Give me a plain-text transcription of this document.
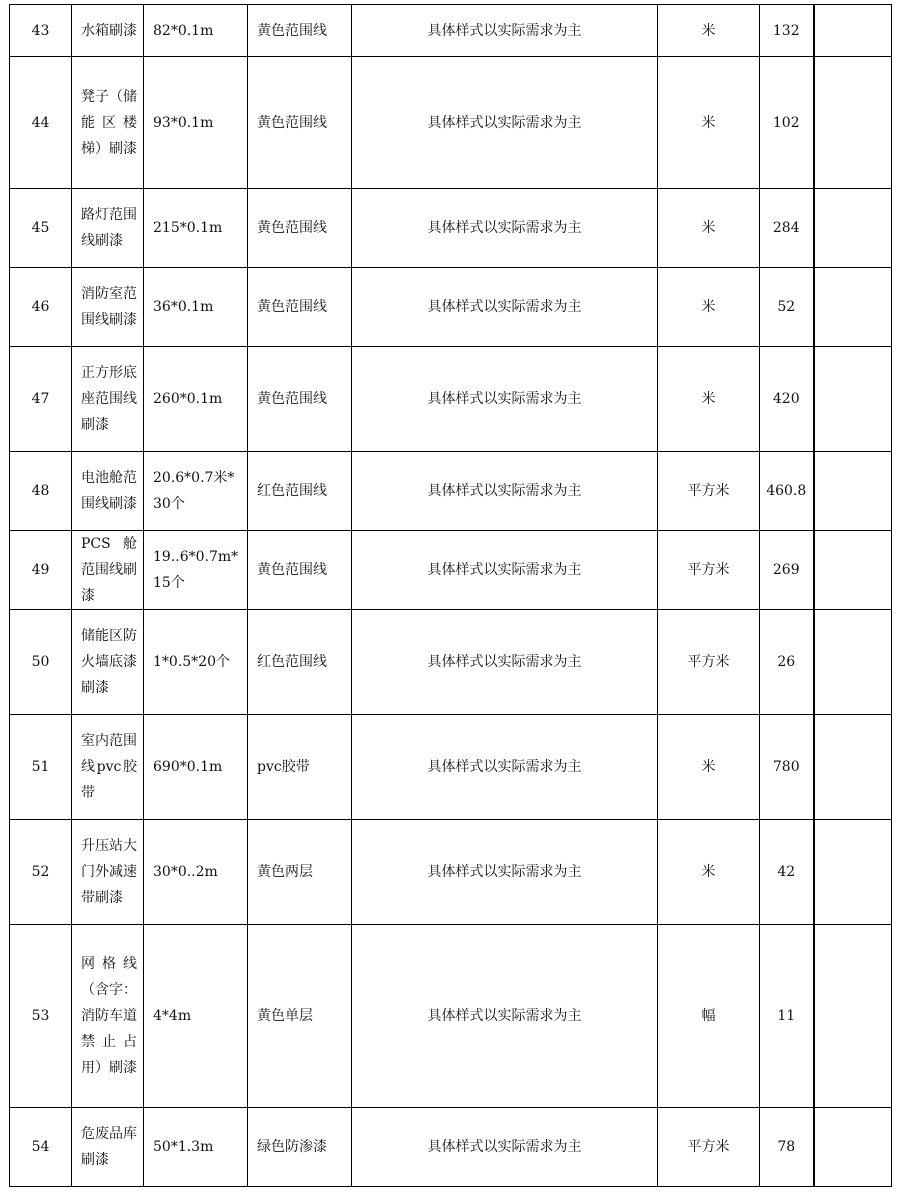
43	水箱刷漆	82*0.1m	黄色范围线	具体样式以实际需求为主	米	132	
44	凳子（储能区楼梯）刷漆	93*0.1m	黄色范围线	具体样式以实际需求为主	米	102	
45	路灯范围线刷漆	215*0.1m	黄色范围线	具体样式以实际需求为主	米	284	
46	消防室范围线刷漆	36*0.1m	黄色范围线	具体样式以实际需求为主	米	52	
47	正方形底座范围线刷漆	260*0.1m	黄色范围线	具体样式以实际需求为主	米	420	
48	电池舱范围线刷漆	20.6*0.7米*30个	红色范围线	具体样式以实际需求为主	平方米	460.8	
49	PCS舱范围线刷漆	19..6*0.7m*15个	黄色范围线	具体样式以实际需求为主	平方米	269	
50	储能区防火墙底漆刷漆	1*0.5*20个	红色范围线	具体样式以实际需求为主	平方米	26	
51	室内范围线pvc胶带	690*0.1m	pvc胶带	具体样式以实际需求为主	米	780	
52	升压站大门外减速带刷漆	30*0..2m	黄色两层	具体样式以实际需求为主	米	42	
53	网格线（含字：消防车道禁止占用）刷漆	4*4m	黄色单层	具体样式以实际需求为主	幅	11	
54	危废品库刷漆	50*1.3m	绿色防渗漆	具体样式以实际需求为主	平方米	78	
